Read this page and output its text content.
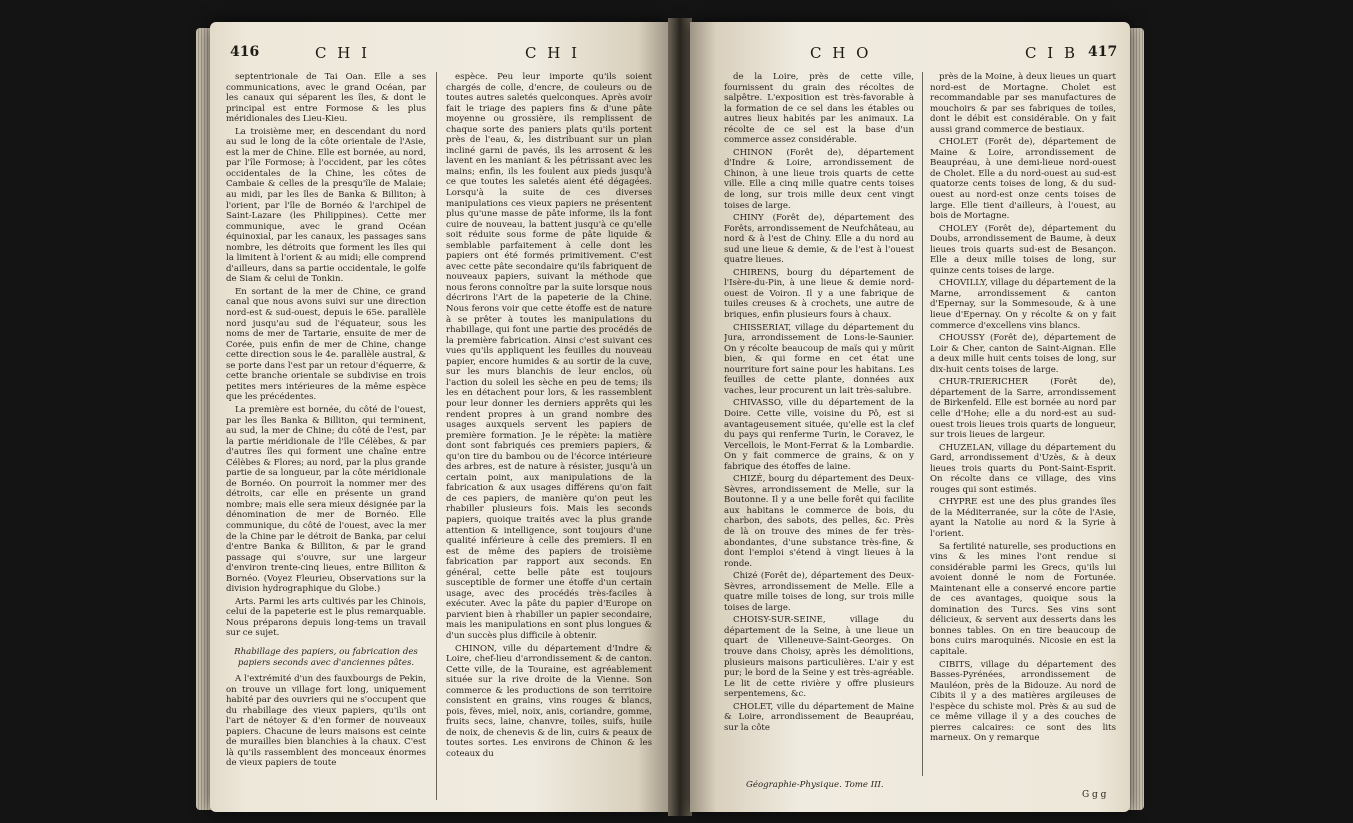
416	C H I	C H I

septentrionale de Tai Oan. Elle a ses communications, avec le grand Océan, par les canaux qui séparent les îles, & dont le principal est entre Formose & les plus méridionales des Lieu-Kieu.

La troisième mer, en descendant du nord au sud le long de la côte orientale de l'Asie, est la mer de Chine. Elle est bornée, au nord, par l'île Formose; à l'occident, par les côtes occidentales de la Chine, les côtes de Cambaie & celles de la presqu'île de Malaie; au midi, par les îles de Banka & Billiton; à l'orient, par l'île de Bornéo & l'archipel de Saint-Lazare (les Philippines). Cette mer communique, avec le grand Océan équinoxial, par les canaux, les passages sans nombre, les détroits que forment les îles qui la limitent à l'orient & au midi; elle comprend d'ailleurs, dans sa partie occidentale, le golfe de Siam & celui de Tonkin.

En sortant de la mer de Chine, ce grand canal que nous avons suivi sur une direction nord-est & sud-ouest, depuis le 65e. parallèle nord jusqu'au sud de l'équateur, sous les noms de mer de Tartarie, ensuite de mer de Corée, puis enfin de mer de Chine, change cette direction sous le 4e. parallèle austral, & se porte dans l'est par un retour d'équerre, & cette branche orientale se subdivise en trois petites mers intérieures de la même espèce que les précédentes.

La première est bornée, du côté de l'ouest, par les îles Banka & Billiton, qui terminent, au sud, la mer de Chine; du côté de l'est, par la partie méridionale de l'île Célèbes, & par d'autres îles qui forment une chaîne entre Célèbes & Flores; au nord, par la plus grande partie de sa longueur, par la côte méridionale de Bornéo. On pourroit la nommer mer des détroits, car elle en présente un grand nombre; mais elle sera mieux désignée par la dénomination de mer de Bornéo. Elle communique, du côté de l'ouest, avec la mer de la Chine par le détroit de Banka, par celui d'entre Banka & Billiton, & par le grand passage qui s'ouvre, sur une largeur d'environ trente-cinq lieues, entre Billiton & Bornéo. (Voyez Fleurieu, Observations sur la division hydrographique du Globe.)

Arts. Parmi les arts cultivés par les Chinois, celui de la papeterie est le plus remarquable. Nous préparons depuis long-tems un travail sur ce sujet.

Rhabillage des papiers, ou fabrication des papiers seconds avec d'anciennes pâtes.

A l'extrémité d'un des fauxbourgs de Pekin, on trouve un village fort long, uniquement habité par des ouvriers qui ne s'occupent que du rhabillage des vieux papiers, qu'ils ont l'art de nétoyer & d'en former de nouveaux papiers. Chacune de leurs maisons est ceinte de murailles bien blanchies à la chaux. C'est là qu'ils rassemblent des monceaux énormes de vieux papiers de toute

espèce. Peu leur importe qu'ils soient chargés de colle, d'encre, de couleurs ou de toutes autres saletés quelconques. Après avoir fait le triage des papiers fins & d'une pâte moyenne ou grossière, ils remplissent de chaque sorte des paniers plats qu'ils portent près de l'eau, &, les distribuant sur un plan incliné garni de pavés, ils les arrosent & les lavent en les maniant & les pétrissant avec les mains; enfin, ils les foulent aux pieds jusqu'à ce que toutes les saletés aient été dégagées. Lorsqu'à la suite de ces diverses manipulations ces vieux papiers ne présentent plus qu'une masse de pâte informe, ils la font cuire de nouveau, la battent jusqu'à ce qu'elle soit réduite sous forme de pâte liquide & semblable parfaitement à celle dont les papiers ont été formés primitivement. C'est avec cette pâte secondaire qu'ils fabriquent de nouveaux papiers, suivant la méthode que nous ferons connoître par la suite lorsque nous décrirons l'Art de la papeterie de la Chine. Nous ferons voir que cette étoffe est de nature à se prêter à toutes les manipulations du rhabillage, qui font une partie des procédés de la première fabrication. Ainsi c'est suivant ces vues qu'ils appliquent les feuilles du nouveau papier, encore humides & au sortir de la cuve, sur les murs blanchis de leur enclos, où l'action du soleil les sèche en peu de tems; ils les en détachent pour lors, & les rassemblent pour leur donner les derniers apprêts qui les rendent propres à un grand nombre des usages auxquels servent les papiers de première formation. Je le répète: la matière dont sont fabriqués ces premiers papiers, & qu'on tire du bambou ou de l'écorce intérieure des arbres, est de nature à résister, jusqu'à un certain point, aux manipulations de la fabrication & aux usages différens qu'on fait de ces papiers, de manière qu'on peut les rhabiller plusieurs fois. Mais les seconds papiers, quoique traités avec la plus grande attention & intelligence, sont toujours d'une qualité inférieure à celle des premiers. Il en est de même des papiers de troisième fabrication par rapport aux seconds. En général, cette belle pâte est toujours susceptible de former une étoffe d'un certain usage, avec des procédés très-faciles à exécuter. Avec la pâte du papier d'Europe on parvient bien à rhabiller un papier secondaire, mais les manipulations en sont plus longues & d'un succès plus difficile à obtenir.

CHINON, ville du département d'Indre & Loire, chef-lieu d'arrondissement & de canton. Cette ville, de la Touraine, est agréablement située sur la rive droite de la Vienne. Son commerce & les productions de son territoire consistent en grains, vins rouges & blancs, pois, fèves, miel, noix, anis, coriandre, gomme, fruits secs, laine, chanvre, toiles, suifs, huile de noix, de chenevis & de lin, cuirs & peaux de toutes sortes. Les environs de Chinon & les coteaux du

C H O	C I B 417

de la Loire, près de cette ville, fournissent du grain des récoltes de salpêtre. L'exposition est très-favorable à la formation de ce sel dans les étables ou autres lieux habités par les animaux. La récolte de ce sel est la base d'un commerce assez considérable.

CHINON (Forêt de), département d'Indre & Loire, arrondissement de Chinon, à une lieue trois quarts de cette ville. Elle a cinq mille quatre cents toises de long, sur trois mille deux cent vingt toises de large.

CHINY (Forêt de), département des Forêts, arrondissement de Neufchâteau, au nord & à l'est de Chiny. Elle a du nord au sud une lieue & demie, & de l'est à l'ouest quatre lieues.

CHIRENS, bourg du département de l'Isère-du-Pin, à une lieue & demie nord-ouest de Voiron. Il y a une fabrique de tuiles creuses & à crochets, une autre de briques, enfin plusieurs fours à chaux.

CHISSERIAT, village du département du Jura, arrondissement de Lons-le-Saunier. On y récolte beaucoup de maïs qui y mûrit bien, & qui forme en cet état une nourriture fort saine pour les habitans. Les feuilles de cette plante, données aux vaches, leur procurent un lait très-salubre.

CHIVASSO, ville du département de la Doire. Cette ville, voisine du Pô, est si avantageusement située, qu'elle est la clef du pays qui renferme Turin, le Coravez, le Vercellois, le Mont-Ferrat & la Lombardie. On y fait commerce de grains, & on y fabrique des étoffes de laine.

CHIZÉ, bourg du département des Deux-Sèvres, arrondissement de Melle, sur la Boutonne. Il y a une belle forêt qui facilite aux habitans le commerce de bois, du charbon, des sabots, des pelles, &c. Près de là on trouve des mines de fer très-abondantes, d'une substance très-fine, & dont l'emploi s'étend à vingt lieues à la ronde.

Chizé (Forêt de), département des Deux-Sèvres, arrondissement de Melle. Elle a quatre mille toises de long, sur trois mille toises de large.

CHOISY-SUR-SEINE, village du département de la Seine, à une lieue un quart de Villeneuve-Saint-Georges. On trouve dans Choisy, après les démolitions, plusieurs maisons particulières. L'air y est pur; le bord de la Seine y est très-agréable. Le lit de cette rivière y offre plusieurs serpentemens, &c.

CHOLET, ville du département de Maine & Loire, arrondissement de Beaupréau, sur la côte

près de la Moine, à deux lieues un quart nord-est de Mortagne. Cholet est recommandable par ses manufactures de mouchoirs & par ses fabriques de toiles, dont le débit est considérable. On y fait aussi grand commerce de bestiaux.

CHOLET (Forêt de), département de Maine & Loire, arrondissement de Beaupréau, à une demi-lieue nord-ouest de Cholet. Elle a du nord-ouest au sud-est quatorze cents toises de long, & du sud-ouest au nord-est onze cents toises de large. Elle tient d'ailleurs, à l'ouest, au bois de Mortagne.

CHOLEY (Forêt de), département du Doubs, arrondissement de Baume, à deux lieues trois quarts sud-est de Besançon. Elle a deux mille toises de long, sur quinze cents toises de large.

CHOVILLY, village du département de la Marne, arrondissement & canton d'Epernay, sur la Sommesoude, & à une lieue d'Epernay. On y récolte & on y fait commerce d'excellens vins blancs.

CHOUSSY (Forêt de), département de Loir & Cher, canton de Saint-Aignan. Elle a deux mille huit cents toises de long, sur dix-huit cents toises de large.

CHUR-TRIERICHER (Forêt de), département de la Sarre, arrondissement de Birkenfeld. Elle est bornée au nord par celle d'Hohe; elle a du nord-est au sud-ouest trois lieues trois quarts de longueur, sur trois lieues de largeur.

CHUZELAN, village du département du Gard, arrondissement d'Uzès, & à deux lieues trois quarts du Pont-Saint-Esprit. On récolte dans ce village, des vins rouges qui sont estimés.

CHYPRE est une des plus grandes îles de la Méditerranée, sur la côte de l'Asie, ayant la Natolie au nord & la Syrie à l'orient.

Sa fertilité naturelle, ses productions en vins & les mines l'ont rendue si considérable parmi les Grecs, qu'ils lui avoient donné le nom de Fortunée. Maintenant elle a conservé encore partie de ces avantages, quoique sous la domination des Turcs. Ses vins sont délicieux, & servent aux desserts dans les bonnes tables. On en tire beaucoup de bons cuirs maroquinés. Nicosie en est la capitale.

CIBITS, village du département des Basses-Pyrénées, arrondissement de Mauléon, près de la Bidouze. Au nord de Cibits il y a des matières argileuses de l'espèce du schiste mol. Près & au sud de ce même village il y a des couches de pierres calcaires: ce sont des lits marneux. On y remarque

Géographie-Physique. Tome III.
G g g
